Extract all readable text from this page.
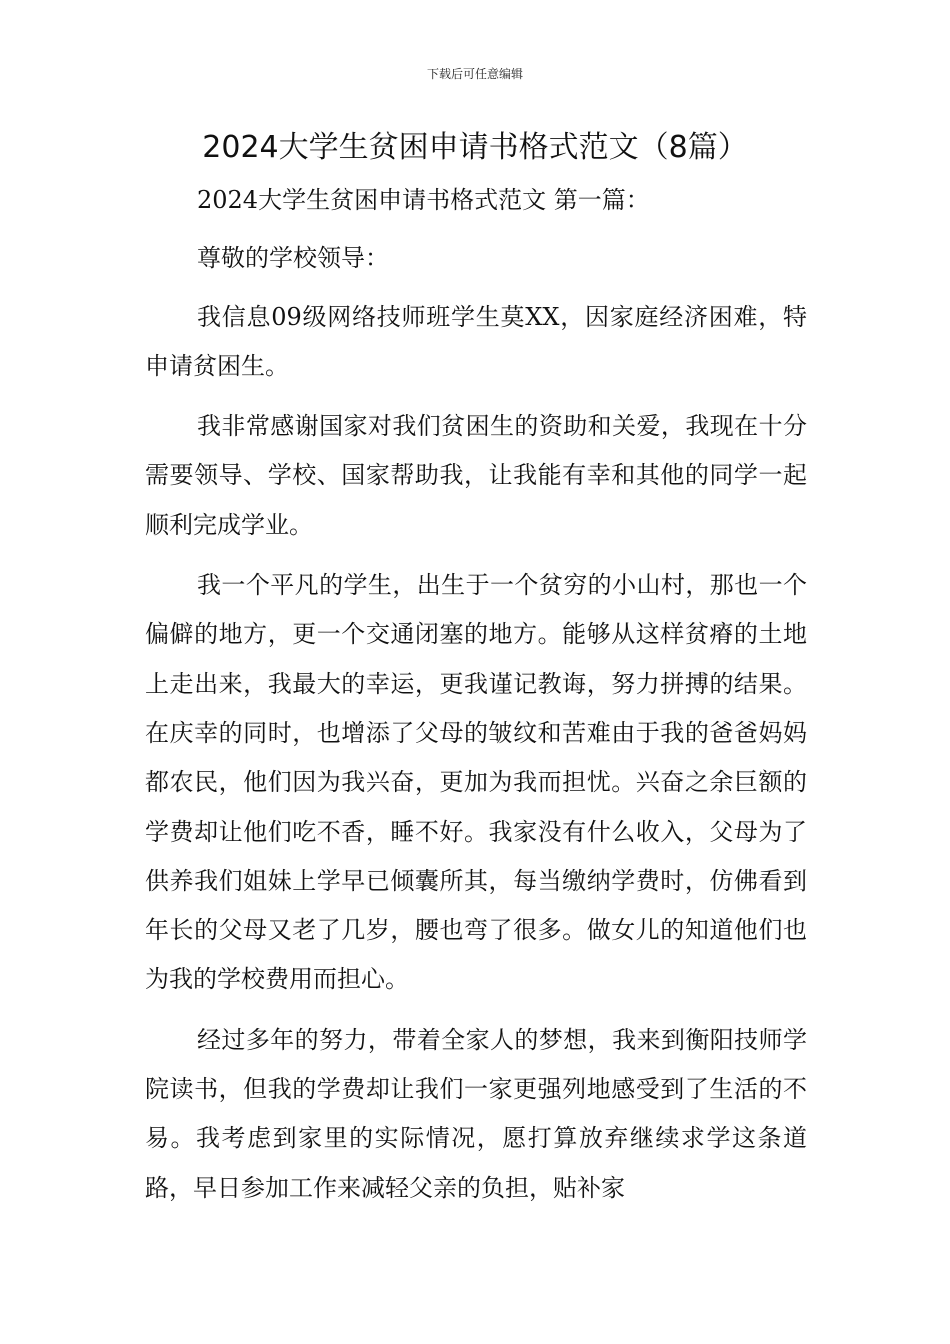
下载后可任意编辑
2024大学生贫困申请书格式范文（8篇）

2024大学生贫困申请书格式范文 第一篇：

尊敬的学校领导：

我信息09级网络技师班学生莫XX，因家庭经济困难，特申请贫困生。

我非常感谢国家对我们贫困生的资助和关爱，我现在十分需要领导、学校、国家帮助我，让我能有幸和其他的同学一起顺利完成学业。

我一个平凡的学生，出生于一个贫穷的小山村，那也一个偏僻的地方，更一个交通闭塞的地方。能够从这样贫瘠的土地上走出来，我最大的幸运，更我谨记教诲，努力拼搏的结果。在庆幸的同时，也增添了父母的皱纹和苦难由于我的爸爸妈妈都农民，他们因为我兴奋，更加为我而担忧。兴奋之余巨额的学费却让他们吃不香，睡不好。我家没有什么收入，父母为了供养我们姐妹上学早已倾囊所其，每当缴纳学费时，仿佛看到年长的父母又老了几岁，腰也弯了很多。做女儿的知道他们也为我的学校费用而担心。

经过多年的努力，带着全家人的梦想，我来到衡阳技师学院读书，但我的学费却让我们一家更强列地感受到了生活的不易。我考虑到家里的实际情况，愿打算放弃继续求学这条道路，早日参加工作来减轻父亲的负担，贴补家
